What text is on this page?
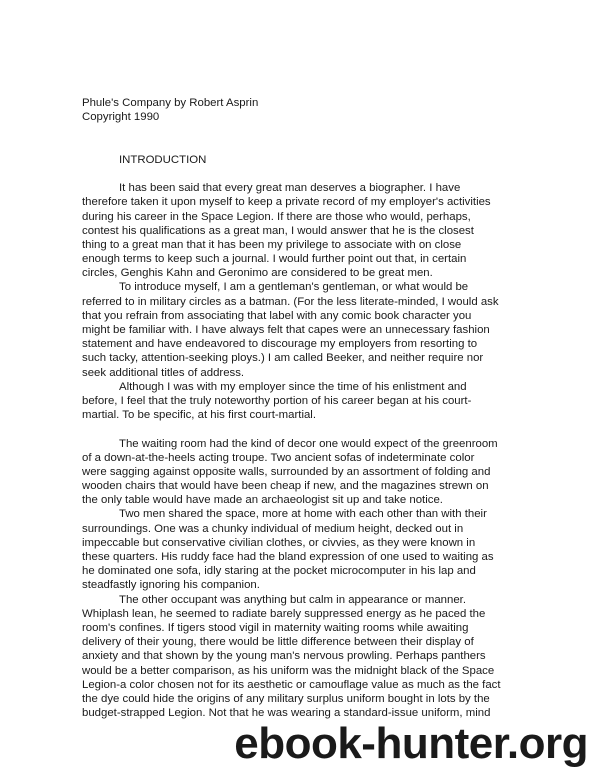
Phule's Company by Robert Asprin
Copyright 1990
INTRODUCTION
It has been said that every great man deserves a biographer. I have
therefore taken it upon myself to keep a private record of my employer's activities
during his career in the Space Legion. If there are those who would, perhaps,
contest his qualifications as a great man, I would answer that he is the closest
thing to a great man that it has been my privilege to associate with on close
enough terms to keep such a journal. I would further point out that, in certain
circles, Genghis Kahn and Geronimo are considered to be great men.
To introduce myself, I am a gentleman's gentleman, or what would be
referred to in military circles as a batman. (For the less literate-minded, I would ask
that you refrain from associating that label with any comic book character you
might be familiar with. I have always felt that capes were an unnecessary fashion
statement and have endeavored to discourage my employers from resorting to
such tacky, attention-seeking ploys.) I am called Beeker, and neither require nor
seek additional titles of address.
Although I was with my employer since the time of his enlistment and
before, I feel that the truly noteworthy portion of his career began at his court-
martial. To be specific, at his first court-martial.
The waiting room had the kind of decor one would expect of the greenroom
of a down-at-the-heels acting troupe. Two ancient sofas of indeterminate color
were sagging against opposite walls, surrounded by an assortment of folding and
wooden chairs that would have been cheap if new, and the magazines strewn on
the only table would have made an archaeologist sit up and take notice.
Two men shared the space, more at home with each other than with their
surroundings. One was a chunky individual of medium height, decked out in
impeccable but conservative civilian clothes, or civvies, as they were known in
these quarters. His ruddy face had the bland expression of one used to waiting as
he dominated one sofa, idly staring at the pocket microcomputer in his lap and
steadfastly ignoring his companion.
The other occupant was anything but calm in appearance or manner.
Whiplash lean, he seemed to radiate barely suppressed energy as he paced the
room's confines. If tigers stood vigil in maternity waiting rooms while awaiting
delivery of their young, there would be little difference between their display of
anxiety and that shown by the young man's nervous prowling. Perhaps panthers
would be a better comparison, as his uniform was the midnight black of the Space
Legion-a color chosen not for its aesthetic or camouflage value as much as the fact
the dye could hide the origins of any military surplus uniform bought in lots by the
budget-strapped Legion. Not that he was wearing a standard-issue uniform, mind
ebook-hunter.org
